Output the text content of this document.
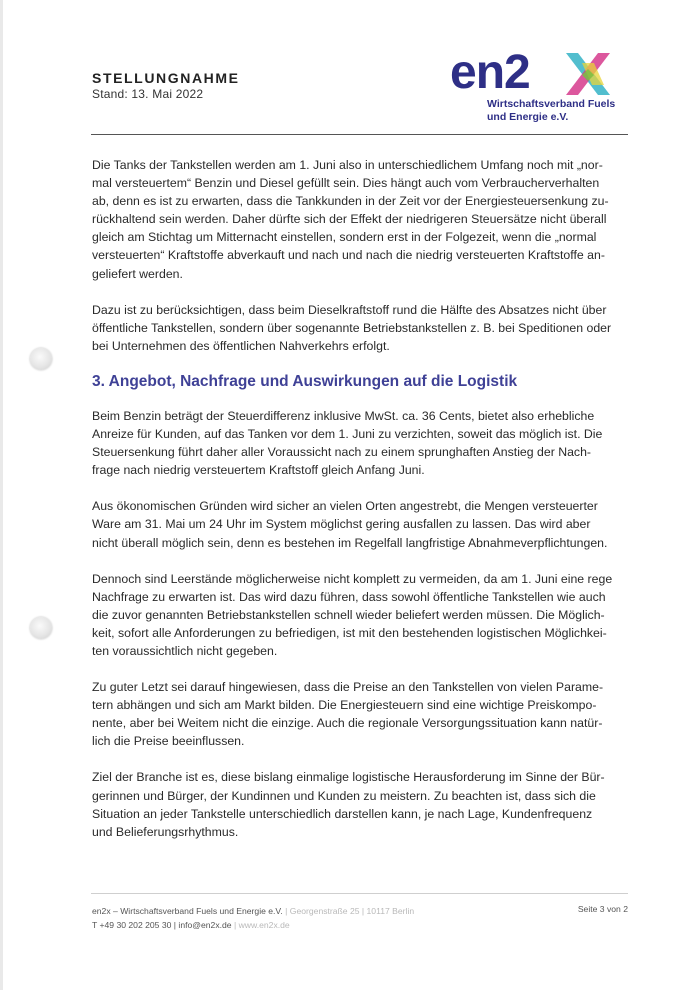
STELLUNGNAHME
Stand: 13. Mai 2022	en2
Wirtschaftsverband Fuels
und Energie e.V.

Die Tanks der Tankstellen werden am 1. Juni also in unterschiedlichem Umfang noch mit „nor-
mal versteuertem“ Benzin und Diesel gefüllt sein. Dies hängt auch vom Verbraucherverhalten
ab, denn es ist zu erwarten, dass die Tankkunden in der Zeit vor der Energiesteuersenkung zu-
rückhaltend sein werden. Daher dürfte sich der Effekt der niedrigeren Steuersätze nicht überall
gleich am Stichtag um Mitternacht einstellen, sondern erst in der Folgezeit, wenn die „normal
versteuerten“ Kraftstoffe abverkauft und nach und nach die niedrig versteuerten Kraftstoffe an-
geliefert werden.

Dazu ist zu berücksichtigen, dass beim Dieselkraftstoff rund die Hälfte des Absatzes nicht über
öffentliche Tankstellen, sondern über sogenannte Betriebstankstellen z. B. bei Speditionen oder
bei Unternehmen des öffentlichen Nahverkehrs erfolgt.

3. Angebot, Nachfrage und Auswirkungen auf die Logistik

Beim Benzin beträgt der Steuerdifferenz inklusive MwSt. ca. 36 Cents, bietet also erhebliche
Anreize für Kunden, auf das Tanken vor dem 1. Juni zu verzichten, soweit das möglich ist. Die
Steuersenkung führt daher aller Voraussicht nach zu einem sprunghaften Anstieg der Nach-
frage nach niedrig versteuertem Kraftstoff gleich Anfang Juni.

Aus ökonomischen Gründen wird sicher an vielen Orten angestrebt, die Mengen versteuerter
Ware am 31. Mai um 24 Uhr im System möglichst gering ausfallen zu lassen. Das wird aber
nicht überall möglich sein, denn es bestehen im Regelfall langfristige Abnahmeverpflichtungen.

Dennoch sind Leerstände möglicherweise nicht komplett zu vermeiden, da am 1. Juni eine rege
Nachfrage zu erwarten ist. Das wird dazu führen, dass sowohl öffentliche Tankstellen wie auch
die zuvor genannten Betriebstankstellen schnell wieder beliefert werden müssen. Die Möglich-
keit, sofort alle Anforderungen zu befriedigen, ist mit den bestehenden logistischen Möglichkei-
ten voraussichtlich nicht gegeben.

Zu guter Letzt sei darauf hingewiesen, dass die Preise an den Tankstellen von vielen Parame-
tern abhängen und sich am Markt bilden. Die Energiesteuern sind eine wichtige Preiskompo-
nente, aber bei Weitem nicht die einzige. Auch die regionale Versorgungssituation kann natür-
lich die Preise beeinflussen.

Ziel der Branche ist es, diese bislang einmalige logistische Herausforderung im Sinne der Bür-
gerinnen und Bürger, der Kundinnen und Kunden zu meistern. Zu beachten ist, dass sich die
Situation an jeder Tankstelle unterschiedlich darstellen kann, je nach Lage, Kundenfrequenz
und Belieferungsrhythmus.

en2x – Wirtschaftsverband Fuels und Energie e.V. | Georgenstraße 25 | 10117 Berlin
T +49 30 202 205 30 | info@en2x.de | www.en2x.de
Seite 3 von 2
